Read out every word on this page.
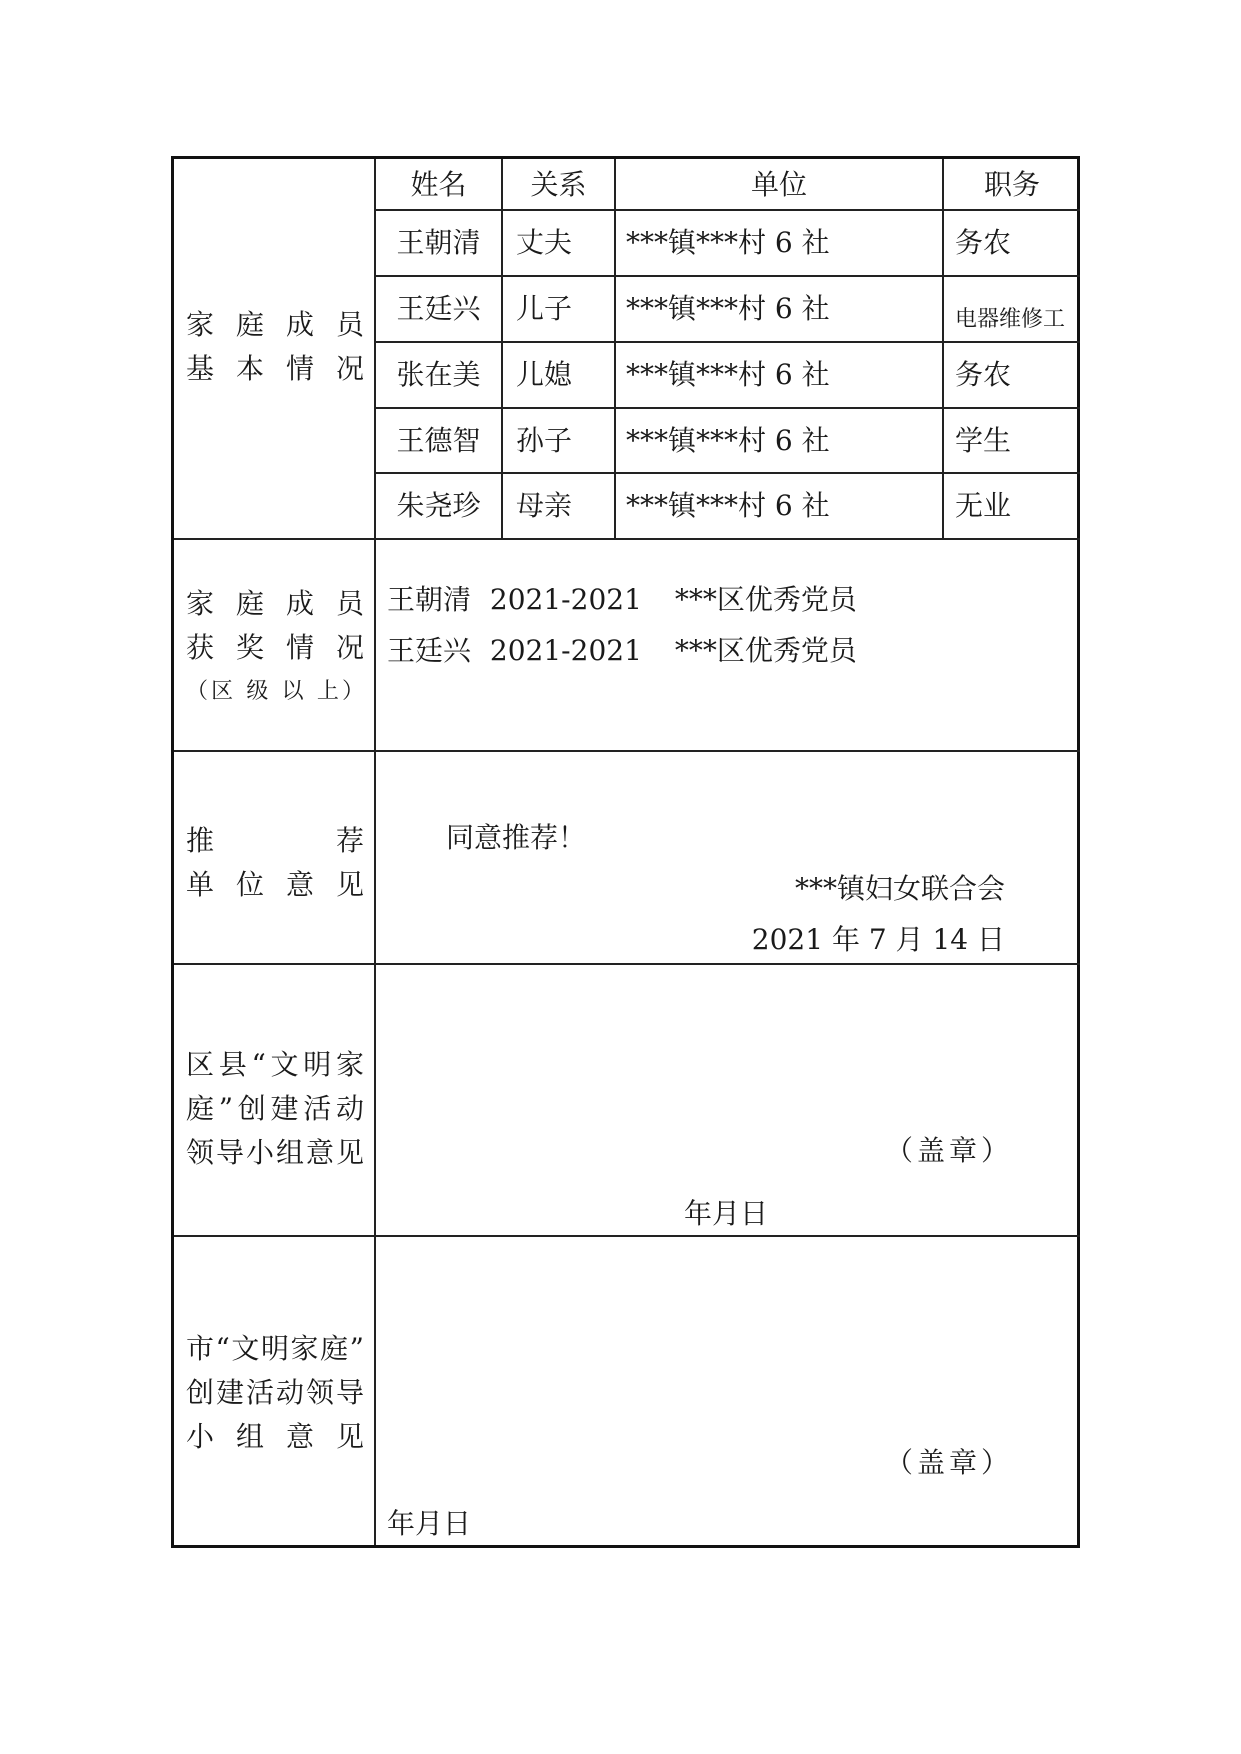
家 庭 成 员
基 本 情 况
姓名	关系	单位	职务
王朝清	丈夫 ***镇***村 6 社	务农
王廷兴	儿子 ***镇***村 6 社	电器维修工
张在美	儿媳 ***镇***村 6 社	务农
王德智	孙子 ***镇***村 6 社	学生
朱尧珍	母亲 ***镇***村 6 社	无业
家 庭 成 员
获 奖 情 况
（区 级 以 上）
王朝清 2021-2021 ***区优秀党员
王廷兴 2021-2021 ***区优秀党员
推　　　荐
单 位 意 见
同意推荐！
***镇妇女联合会
2021 年 7 月 14 日
区县“文明家
庭”创建活动
领导小组意见	（盖章）
年月日
市“文明家庭”
创建活动领导
小 组 意 见
（盖章）
年月日
